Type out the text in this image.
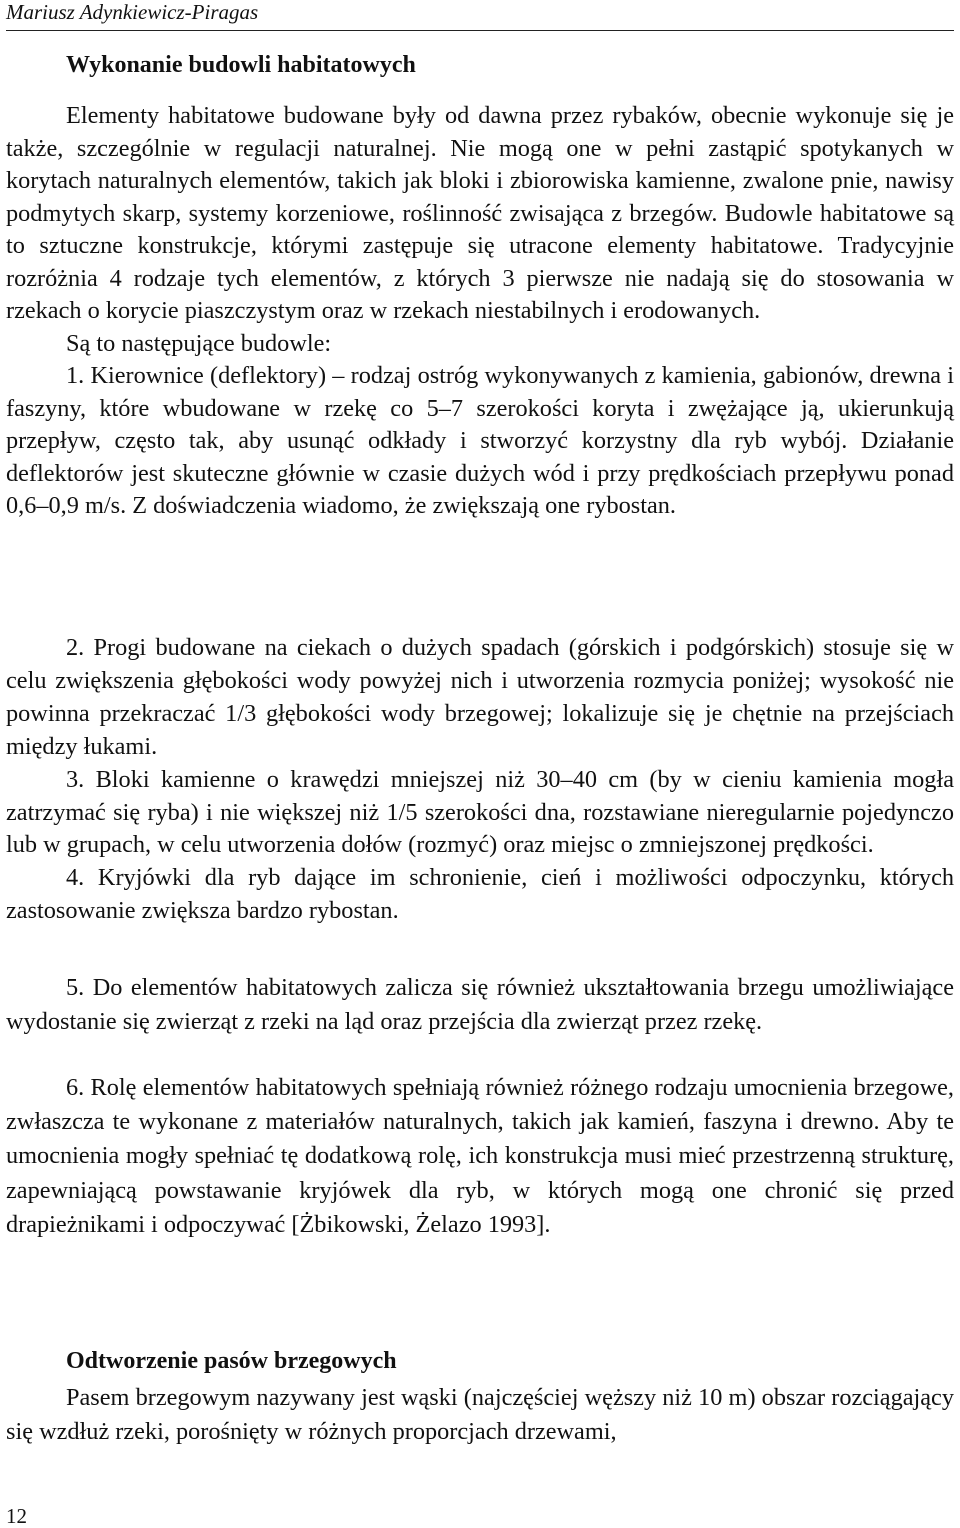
Mariusz Adynkiewicz-Piragas
Wykonanie budowli habitatowych

Elementy habitatowe budowane były od dawna przez rybaków, obecnie wykonuje się je także, szczególnie w regulacji naturalnej. Nie mogą one w pełni zastąpić spotykanych w korytach naturalnych elementów, takich jak bloki i zbiorowiska kamienne, zwalone pnie, nawisy podmytych skarp, systemy korzeniowe, roślinność zwisająca z brzegów. Budowle habitatowe są to sztuczne konstrukcje, którymi zastępuje się utracone elementy habitatowe. Tradycyjnie rozróżnia 4 rodzaje tych elementów, z których 3 pierwsze nie nadają się do stosowania w rzekach o korycie piaszczystym oraz w rzekach niestabilnych i erodowanych.

Są to następujące budowle:

1. Kierownice (deflektory) – rodzaj ostróg wykonywanych z kamienia, gabionów, drewna i faszyny, które wbudowane w rzekę co 5–7 szerokości koryta i zwężające ją, ukierunkują przepływ, często tak, aby usunąć odkłady i stworzyć korzystny dla ryb wybój. Działanie deflektorów jest skuteczne głównie w czasie dużych wód i przy prędkościach przepływu ponad 0,6–0,9 m/s. Z doświadczenia wiadomo, że zwiększają one rybostan.

2. Progi budowane na ciekach o dużych spadach (górskich i podgórskich) stosuje się w celu zwiększenia głębokości wody powyżej nich i utworzenia rozmycia poniżej; wysokość nie powinna przekraczać 1/3 głębokości wody brzegowej; lokalizuje się je chętnie na przejściach między łukami.

3. Bloki kamienne o krawędzi mniejszej niż 30–40 cm (by w cieniu kamienia mogła zatrzymać się ryba) i nie większej niż 1/5 szerokości dna, rozstawiane nieregularnie pojedynczo lub w grupach, w celu utworzenia dołów (rozmyć) oraz miejsc o zmniejszonej prędkości.

4. Kryjówki dla ryb dające im schronienie, cień i możliwości odpoczynku, których zastosowanie zwiększa bardzo rybostan.

5. Do elementów habitatowych zalicza się również ukształtowania brzegu umożliwiające wydostanie się zwierząt z rzeki na ląd oraz przejścia dla zwierząt przez rzekę.

6. Rolę elementów habitatowych spełniają również różnego rodzaju umocnienia brzegowe, zwłaszcza te wykonane z materiałów naturalnych, takich jak kamień, faszyna i drewno. Aby te umocnienia mogły spełniać tę dodatkową rolę, ich konstrukcja musi mieć przestrzenną strukturę, zapewniającą powstawanie kryjówek dla ryb, w których mogą one chronić się przed drapieżnikami i odpoczywać [Żbikowski, Żelazo 1993].

Odtworzenie pasów brzegowych

Pasem brzegowym nazywany jest wąski (najczęściej węższy niż 10 m) obszar rozciągający się wzdłuż rzeki, porośnięty w różnych proporcjach drzewami,

12
